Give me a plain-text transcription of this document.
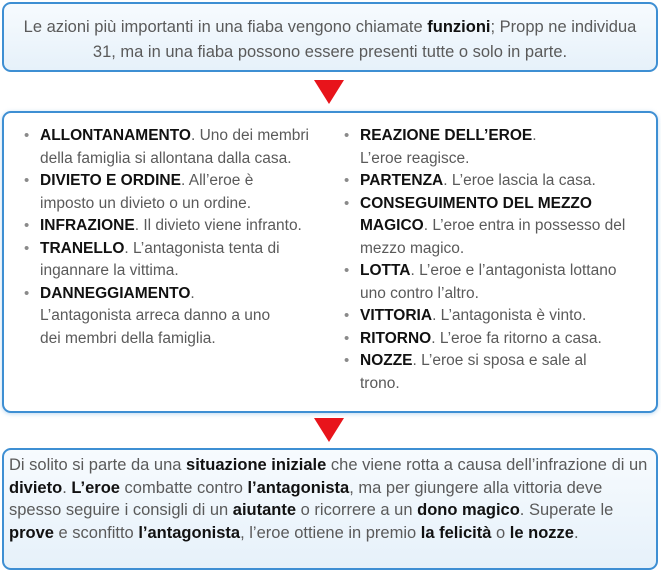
Le azioni più importanti in una fiaba vengono chiamate funzioni; Propp ne individua 31, ma in una fiaba possono essere presenti tutte o solo in parte.
• ALLONTANAMENTO. Uno dei membri della famiglia si allontana dalla casa.
• DIVIETO E ORDINE. All’eroe è imposto un divieto o un ordine.
• INFRAZIONE. Il divieto viene infranto.
• TRANELLO. L’antagonista tenta di ingannare la vittima.
• DANNEGGIAMENTO. L’antagonista arreca danno a uno dei membri della famiglia.
• REAZIONE DELL’EROE. L’eroe reagisce.
• PARTENZA. L’eroe lascia la casa.
• CONSEGUIMENTO DEL MEZZO MAGICO. L’eroe entra in possesso del mezzo magico.
• LOTTA. L’eroe e l’antagonista lottano uno contro l’altro.
• VITTORIA. L’antagonista è vinto.
• RITORNO. L’eroe fa ritorno a casa.
• NOZZE. L’eroe si sposa e sale al trono.
Di solito si parte da una situazione iniziale che viene rotta a causa dell’infrazione di un divieto. L’eroe combatte contro l’antagonista, ma per giungere alla vittoria deve spesso seguire i consigli di un aiutante o ricorrere a un dono magico. Superate le prove e sconfitto l’antagonista, l’eroe ottiene in premio la felicità o le nozze.
